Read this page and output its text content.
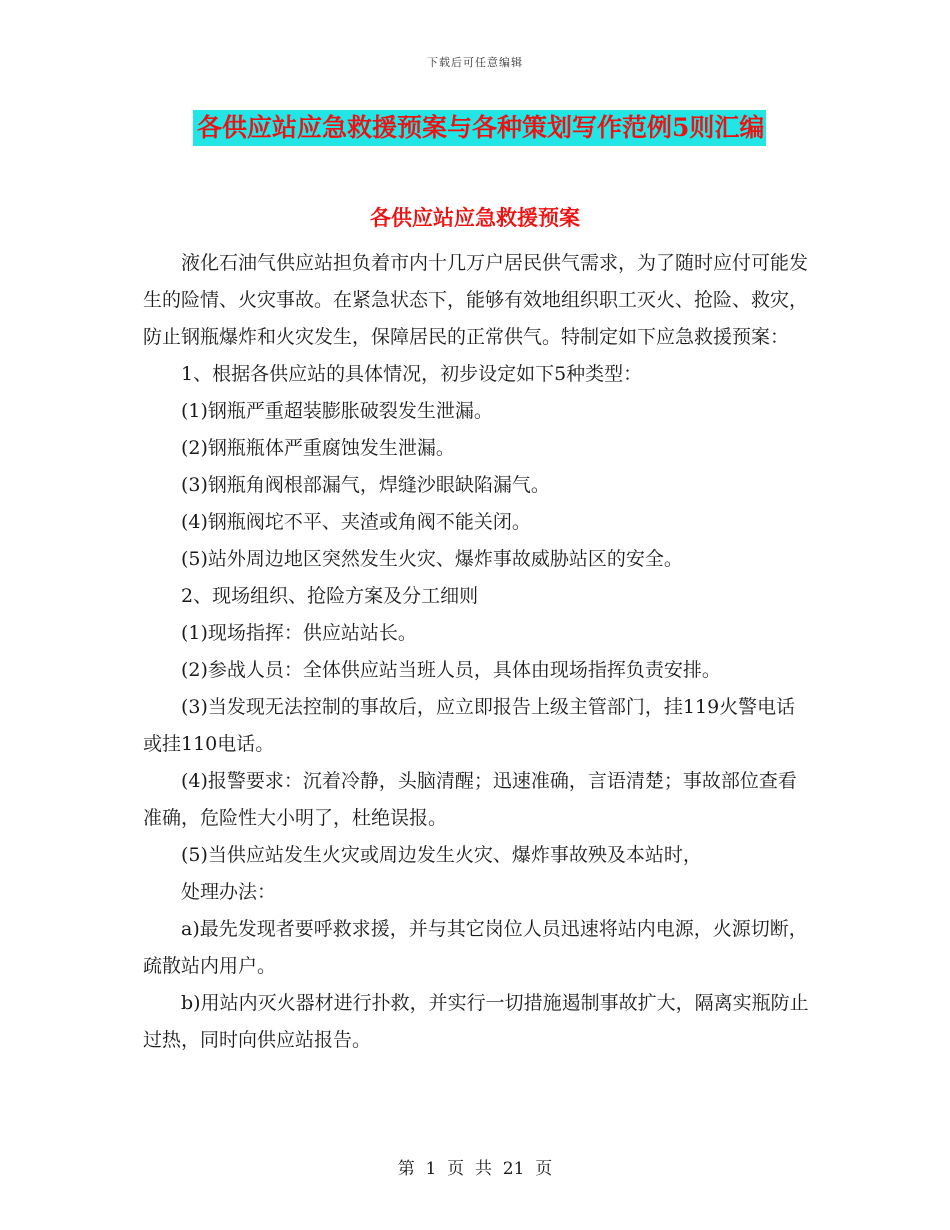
下载后可任意编辑
各供应站应急救援预案与各种策划写作范例5则汇编
各供应站应急救援预案

液化石油气供应站担负着市内十几万户居民供气需求，为了随时应付可能发生的险情、火灾事故。在紧急状态下，能够有效地组织职工灭火、抢险、救灾，防止钢瓶爆炸和火灾发生，保障居民的正常供气。特制定如下应急救援预案：

1、根据各供应站的具体情况，初步设定如下5种类型：

(1)钢瓶严重超装膨胀破裂发生泄漏。

(2)钢瓶瓶体严重腐蚀发生泄漏。

(3)钢瓶角阀根部漏气，焊缝沙眼缺陷漏气。

(4)钢瓶阀坨不平、夹渣或角阀不能关闭。

(5)站外周边地区突然发生火灾、爆炸事故威胁站区的安全。

2、现场组织、抢险方案及分工细则

(1)现场指挥：供应站站长。

(2)参战人员：全体供应站当班人员，具体由现场指挥负责安排。

(3)当发现无法控制的事故后，应立即报告上级主管部门，挂119火警电话或挂110电话。

(4)报警要求：沉着冷静，头脑清醒；迅速准确，言语清楚；事故部位查看准确，危险性大小明了，杜绝误报。

(5)当供应站发生火灾或周边发生火灾、爆炸事故殃及本站时，

处理办法：

a)最先发现者要呼救求援，并与其它岗位人员迅速将站内电源，火源切断，疏散站内用户。

b)用站内灭火器材进行扑救，并实行一切措施遏制事故扩大，隔离实瓶防止过热，同时向供应站报告。

第  1  页  共  21  页
